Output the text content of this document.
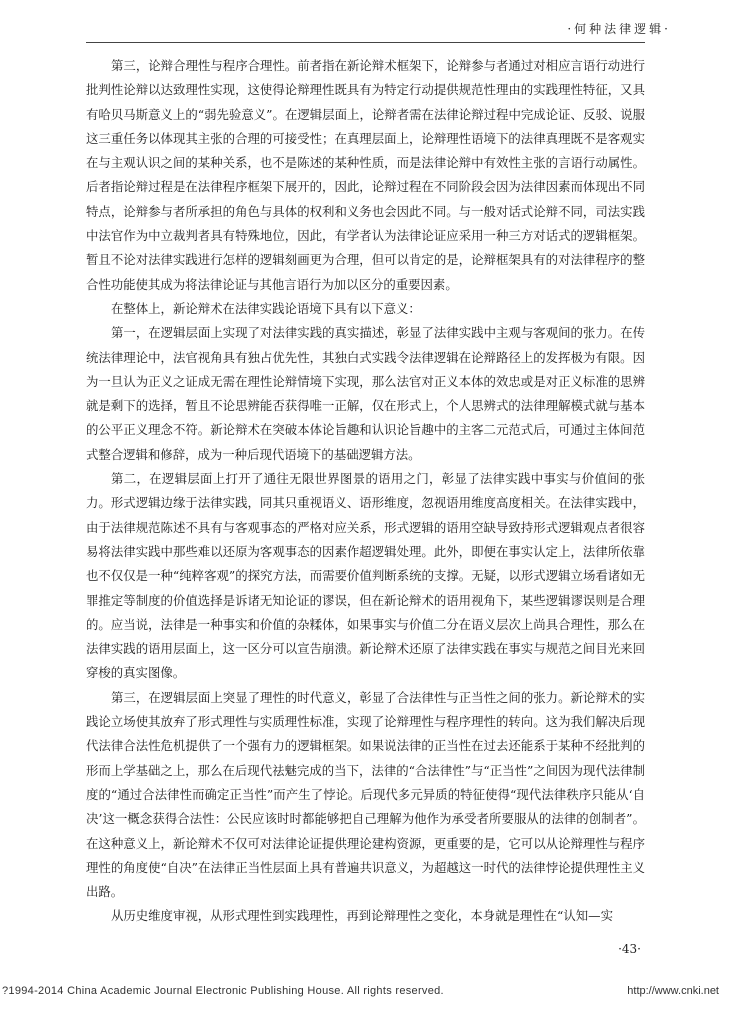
·何种法律逻辑·

第三，论辩合理性与程序合理性。前者指在新论辩术框架下，论辩参与者通过对相应言语行动进行批判性论辩以达致理性实现，这使得论辩理性既具有为特定行动提供规范性理由的实践理性特征，又具有哈贝马斯意义上的“弱先验意义”。在逻辑层面上，论辩者需在法律论辩过程中完成论证、反驳、说服这三重任务以体现其主张的合理的可接受性；在真理层面上，论辩理性语境下的法律真理既不是客观实在与主观认识之间的某种关系，也不是陈述的某种性质，而是法律论辩中有效性主张的言语行动属性。后者指论辩过程是在法律程序框架下展开的，因此，论辩过程在不同阶段会因为法律因素而体现出不同特点，论辩参与者所承担的角色与具体的权利和义务也会因此不同。与一般对话式论辩不同，司法实践中法官作为中立裁判者具有特殊地位，因此，有学者认为法律论证应采用一种三方对话式的逻辑框架。暂且不论对法律实践进行怎样的逻辑刻画更为合理，但可以肯定的是，论辩框架具有的对法律程序的整合性功能使其成为将法律论证与其他言语行为加以区分的重要因素。

在整体上，新论辩术在法律实践论语境下具有以下意义：

第一，在逻辑层面上实现了对法律实践的真实描述，彰显了法律实践中主观与客观间的张力。在传统法律理论中，法官视角具有独占优先性，其独白式实践令法律逻辑在论辩路径上的发挥极为有限。因为一旦认为正义之证成无需在理性论辩情境下实现，那么法官对正义本体的效忠或是对正义标准的思辨就是剩下的选择，暂且不论思辨能否获得唯一正解，仅在形式上，个人思辨式的法律理解模式就与基本的公平正义理念不符。新论辩术在突破本体论旨趣和认识论旨趣中的主客二元范式后，可通过主体间范式整合逻辑和修辞，成为一种后现代语境下的基础逻辑方法。

第二，在逻辑层面上打开了通往无限世界图景的语用之门，彰显了法律实践中事实与价值间的张力。形式逻辑边缘于法律实践，同其只重视语义、语形维度，忽视语用维度高度相关。在法律实践中，由于法律规范陈述不具有与客观事态的严格对应关系，形式逻辑的语用空缺导致持形式逻辑观点者很容易将法律实践中那些难以还原为客观事态的因素作超逻辑处理。此外，即便在事实认定上，法律所依靠也不仅仅是一种“纯粹客观”的探究方法，而需要价值判断系统的支撑。无疑，以形式逻辑立场看诸如无罪推定等制度的价值选择是诉诸无知论证的谬误，但在新论辩术的语用视角下，某些逻辑谬误则是合理的。应当说，法律是一种事实和价值的杂糅体，如果事实与价值二分在语义层次上尚具合理性，那么在法律实践的语用层面上，这一区分可以宣告崩溃。新论辩术还原了法律实践在事实与规范之间目光来回穿梭的真实图像。

第三，在逻辑层面上突显了理性的时代意义，彰显了合法律性与正当性之间的张力。新论辩术的实践论立场使其放弃了形式理性与实质理性标准，实现了论辩理性与程序理性的转向。这为我们解决后现代法律合法性危机提供了一个强有力的逻辑框架。如果说法律的正当性在过去还能系于某种不经批判的形而上学基础之上，那么在后现代祛魅完成的当下，法律的“合法律性”与“正当性”之间因为现代法律制度的“通过合法律性而确定正当性”而产生了悖论。后现代多元异质的特征使得“现代法律秩序只能从‘自决’这一概念获得合法性：公民应该时时都能够把自己理解为他作为承受者所要服从的法律的创制者”。在这种意义上，新论辩术不仅可对法律论证提供理论建构资源，更重要的是，它可以从论辩理性与程序理性的角度使“自决”在法律正当性层面上具有普遍共识意义，为超越这一时代的法律悖论提供理性主义出路。

从历史维度审视，从形式理性到实践理性，再到论辩理性之变化，本身就是理性在“认知—实

·43·
?1994-2014 China Academic Journal Electronic Publishing House. All rights reserved.	http://www.cnki.net
